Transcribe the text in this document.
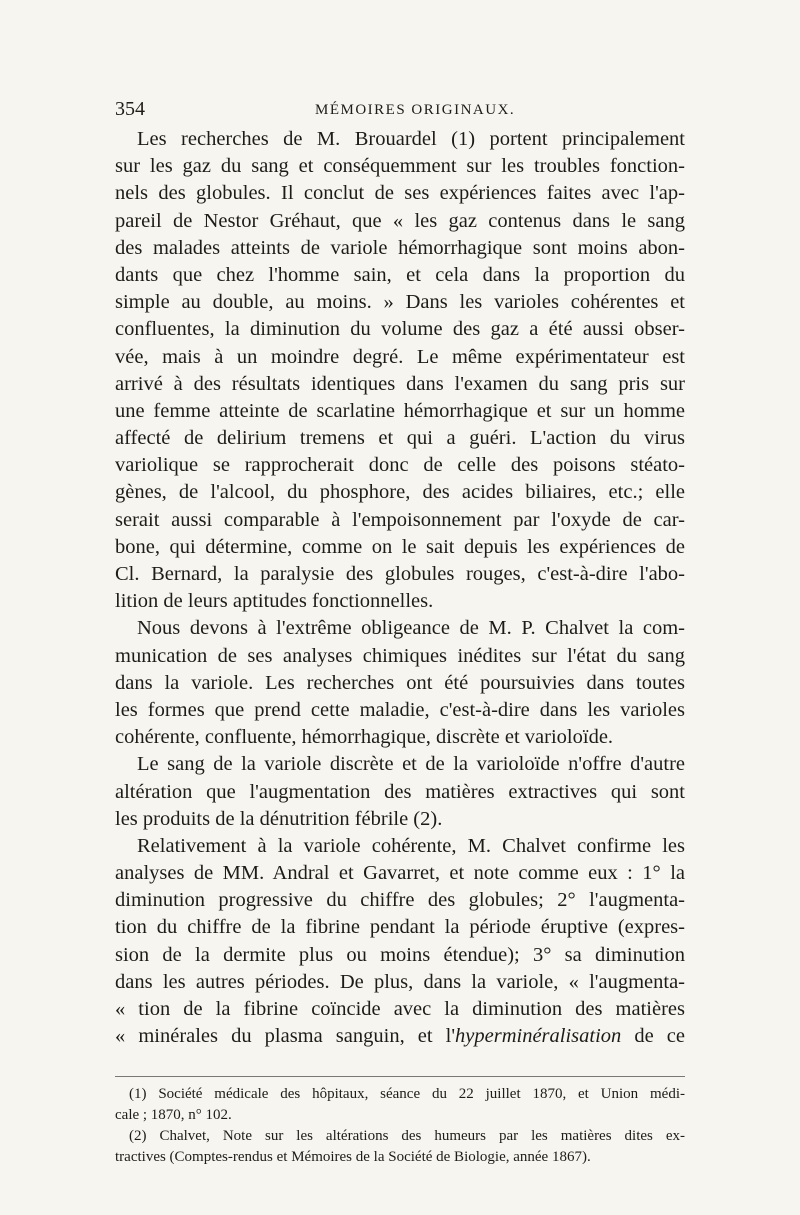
354	MÉMOIRES ORIGINAUX.
Les recherches de M. Brouardel (1) portent principalement
sur les gaz du sang et conséquemment sur les troubles fonction-
nels des globules. Il conclut de ses expériences faites avec l'ap-
pareil de Nestor Gréhaut, que « les gaz contenus dans le sang
des malades atteints de variole hémorrhagique sont moins abon-
dants que chez l'homme sain, et cela dans la proportion du
simple au double, au moins. » Dans les varioles cohérentes et
confluentes, la diminution du volume des gaz a été aussi obser-
vée, mais à un moindre degré. Le même expérimentateur est
arrivé à des résultats identiques dans l'examen du sang pris sur
une femme atteinte de scarlatine hémorrhagique et sur un homme
affecté de delirium tremens et qui a guéri. L'action du virus
variolique se rapprocherait donc de celle des poisons stéato-
gènes, de l'alcool, du phosphore, des acides biliaires, etc.; elle
serait aussi comparable à l'empoisonnement par l'oxyde de car-
bone, qui détermine, comme on le sait depuis les expériences de
Cl. Bernard, la paralysie des globules rouges, c'est-à-dire l'abo-
lition de leurs aptitudes fonctionnelles.
Nous devons à l'extrême obligeance de M. P. Chalvet la com-
munication de ses analyses chimiques inédites sur l'état du sang
dans la variole. Les recherches ont été poursuivies dans toutes
les formes que prend cette maladie, c'est-à-dire dans les varioles
cohérente, confluente, hémorrhagique, discrète et varioloïde.
Le sang de la variole discrète et de la varioloïde n'offre d'autre
altération que l'augmentation des matières extractives qui sont
les produits de la dénutrition fébrile (2).
Relativement à la variole cohérente, M. Chalvet confirme les
analyses de MM. Andral et Gavarret, et note comme eux : 1° la
diminution progressive du chiffre des globules; 2° l'augmenta-
tion du chiffre de la fibrine pendant la période éruptive (expres-
sion de la dermite plus ou moins étendue); 3° sa diminution
dans les autres périodes. De plus, dans la variole, « l'augmenta-
« tion de la fibrine coïncide avec la diminution des matières
« minérales du plasma sanguin, et l'hyperminéralisation de ce
(1) Société médicale des hôpitaux, séance du 22 juillet 1870, et Union médi-
cale ; 1870, n° 102.
(2) Chalvet, Note sur les altérations des humeurs par les matières dites ex-
tractives (Comptes-rendus et Mémoires de la Société de Biologie, année 1867).
